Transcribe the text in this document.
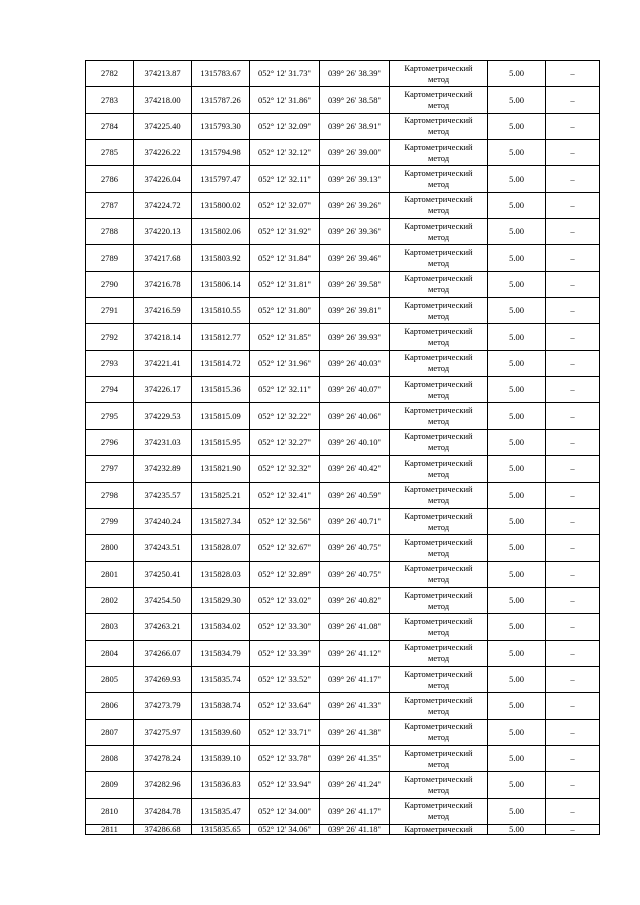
2782	374213.87	1315783.67	052° 12' 31.73"	039° 26' 38.39"	Картометрический
метод	5.00	–
2783	374218.00	1315787.26	052° 12' 31.86"	039° 26' 38.58"	Картометрический
метод	5.00	–
2784	374225.40	1315793.30	052° 12' 32.09"	039° 26' 38.91"	Картометрический
метод	5.00	–
2785	374226.22	1315794.98	052° 12' 32.12"	039° 26' 39.00"	Картометрический
метод	5.00	–
2786	374226.04	1315797.47	052° 12' 32.11"	039° 26' 39.13"	Картометрический
метод	5.00	–
2787	374224.72	1315800.02	052° 12' 32.07"	039° 26' 39.26"	Картометрический
метод	5.00	–
2788	374220.13	1315802.06	052° 12' 31.92"	039° 26' 39.36"	Картометрический
метод	5.00	–
2789	374217.68	1315803.92	052° 12' 31.84"	039° 26' 39.46"	Картометрический
метод	5.00	–
2790	374216.78	1315806.14	052° 12' 31.81"	039° 26' 39.58"	Картометрический
метод	5.00	–
2791	374216.59	1315810.55	052° 12' 31.80"	039° 26' 39.81"	Картометрический
метод	5.00	–
2792	374218.14	1315812.77	052° 12' 31.85"	039° 26' 39.93"	Картометрический
метод	5.00	–
2793	374221.41	1315814.72	052° 12' 31.96"	039° 26' 40.03"	Картометрический
метод	5.00	–
2794	374226.17	1315815.36	052° 12' 32.11"	039° 26' 40.07"	Картометрический
метод	5.00	–
2795	374229.53	1315815.09	052° 12' 32.22"	039° 26' 40.06"	Картометрический
метод	5.00	–
2796	374231.03	1315815.95	052° 12' 32.27"	039° 26' 40.10"	Картометрический
метод	5.00	–
2797	374232.89	1315821.90	052° 12' 32.32"	039° 26' 40.42"	Картометрический
метод	5.00	–
2798	374235.57	1315825.21	052° 12' 32.41"	039° 26' 40.59"	Картометрический
метод	5.00	–
2799	374240.24	1315827.34	052° 12' 32.56"	039° 26' 40.71"	Картометрический
метод	5.00	–
2800	374243.51	1315828.07	052° 12' 32.67"	039° 26' 40.75"	Картометрический
метод	5.00	–
2801	374250.41	1315828.03	052° 12' 32.89"	039° 26' 40.75"	Картометрический
метод	5.00	–
2802	374254.50	1315829.30	052° 12' 33.02"	039° 26' 40.82"	Картометрический
метод	5.00	–
2803	374263.21	1315834.02	052° 12' 33.30"	039° 26' 41.08"	Картометрический
метод	5.00	–
2804	374266.07	1315834.79	052° 12' 33.39"	039° 26' 41.12"	Картометрический
метод	5.00	–
2805	374269.93	1315835.74	052° 12' 33.52"	039° 26' 41.17"	Картометрический
метод	5.00	–
2806	374273.79	1315838.74	052° 12' 33.64"	039° 26' 41.33"	Картометрический
метод	5.00	–
2807	374275.97	1315839.60	052° 12' 33.71"	039° 26' 41.38"	Картометрический
метод	5.00	–
2808	374278.24	1315839.10	052° 12' 33.78"	039° 26' 41.35"	Картометрический
метод	5.00	–
2809	374282.96	1315836.83	052° 12' 33.94"	039° 26' 41.24"	Картометрический
метод	5.00	–
2810	374284.78	1315835.47	052° 12' 34.00"	039° 26' 41.17"	Картометрический
метод	5.00	–
2811	374286.68	1315835.65	052° 12' 34.06"	039° 26' 41.18"	Картометрический	5.00	–
